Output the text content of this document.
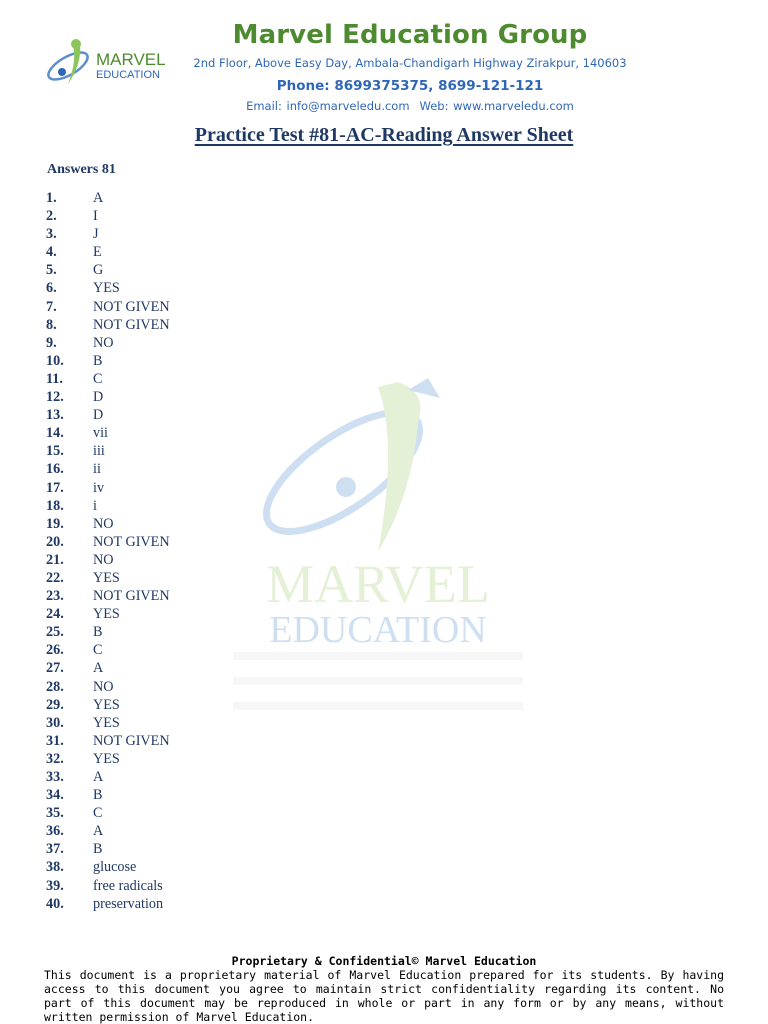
MARVEL
EDUCATION
Marvel Education Group
2nd Floor, Above Easy Day, Ambala-Chandigarh Highway Zirakpur, 140603
Phone: 8699375375, 8699-121-121
Email: info@marveledu.com Web: www.marveledu.com
MARVEL
EDUCATION
Practice Test #81-AC-Reading Answer Sheet
Answers 81
1.	A
2.	I
3.	J
4.	E
5.	G
6.	YES
7.	NOT GIVEN
8.	NOT GIVEN
9.	NO
10.	B
11.	C
12.	D
13.	D
14.	vii
15.	iii
16.	ii
17.	iv
18.	i
19.	NO
20.	NOT GIVEN
21.	NO
22.	YES
23.	NOT GIVEN
24.	YES
25.	B
26.	C
27.	A
28.	NO
29.	YES
30.	YES
31.	NOT GIVEN
32.	YES
33.	A
34.	B
35.	C
36.	A
37.	B
38.	glucose
39.	free radicals
40.	preservation
Proprietary & Confidential© Marvel Education
This document is a proprietary material of Marvel Education prepared for its students. By having access to this document you agree to maintain strict confidentiality regarding its content. No part of this document may be reproduced in whole or part in any form or by any means, without written permission of Marvel Education.
